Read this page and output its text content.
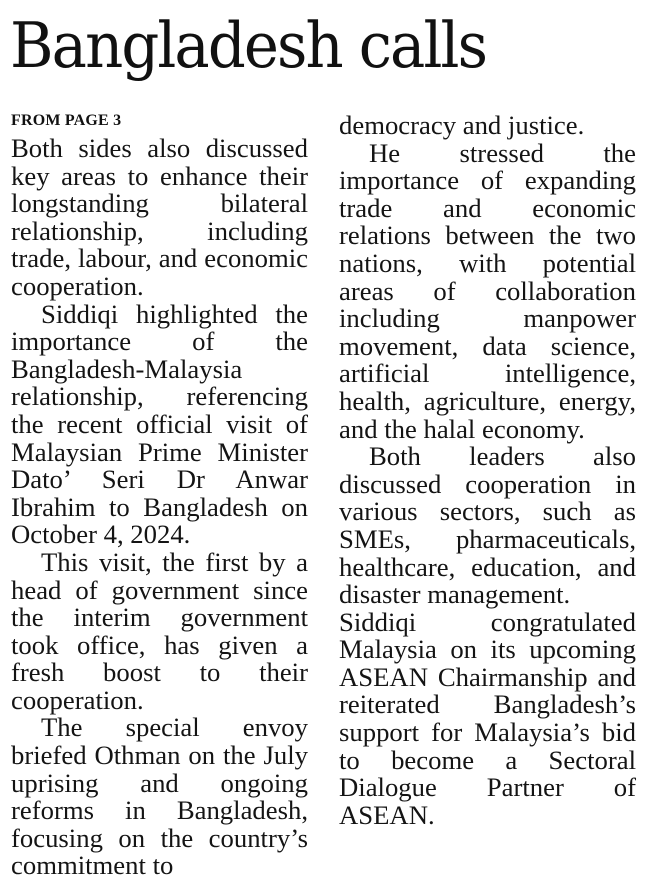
Bangladesh calls
FROM PAGE 3

Both sides also discussed key areas to enhance their longstanding bilateral relationship, including trade, labour, and economic cooperation.

Siddiqi highlighted the importance of the Bangladesh-Malaysia relationship, referencing the recent official visit of Malaysian Prime Minister Dato’ Seri Dr Anwar Ibrahim to Bangladesh on October 4, 2024.

This visit, the first by a head of government since the interim government took office, has given a fresh boost to their cooperation.

The special envoy briefed Othman on the July uprising and ongoing reforms in Bangladesh, focusing on the country’s commitment to

democracy and justice.

He stressed the importance of expanding trade and economic relations between the two nations, with potential areas of collaboration including manpower movement, data science, artificial intelligence, health, agriculture, energy, and the halal economy.

Both leaders also discussed cooperation in various sectors, such as SMEs, pharmaceuticals, healthcare, education, and disaster management.

Siddiqi congratulated Malaysia on its upcoming ASEAN Chairmanship and reiterated Bangladesh’s support for Malaysia’s bid to become a Sectoral Dialogue Partner of ASEAN.
